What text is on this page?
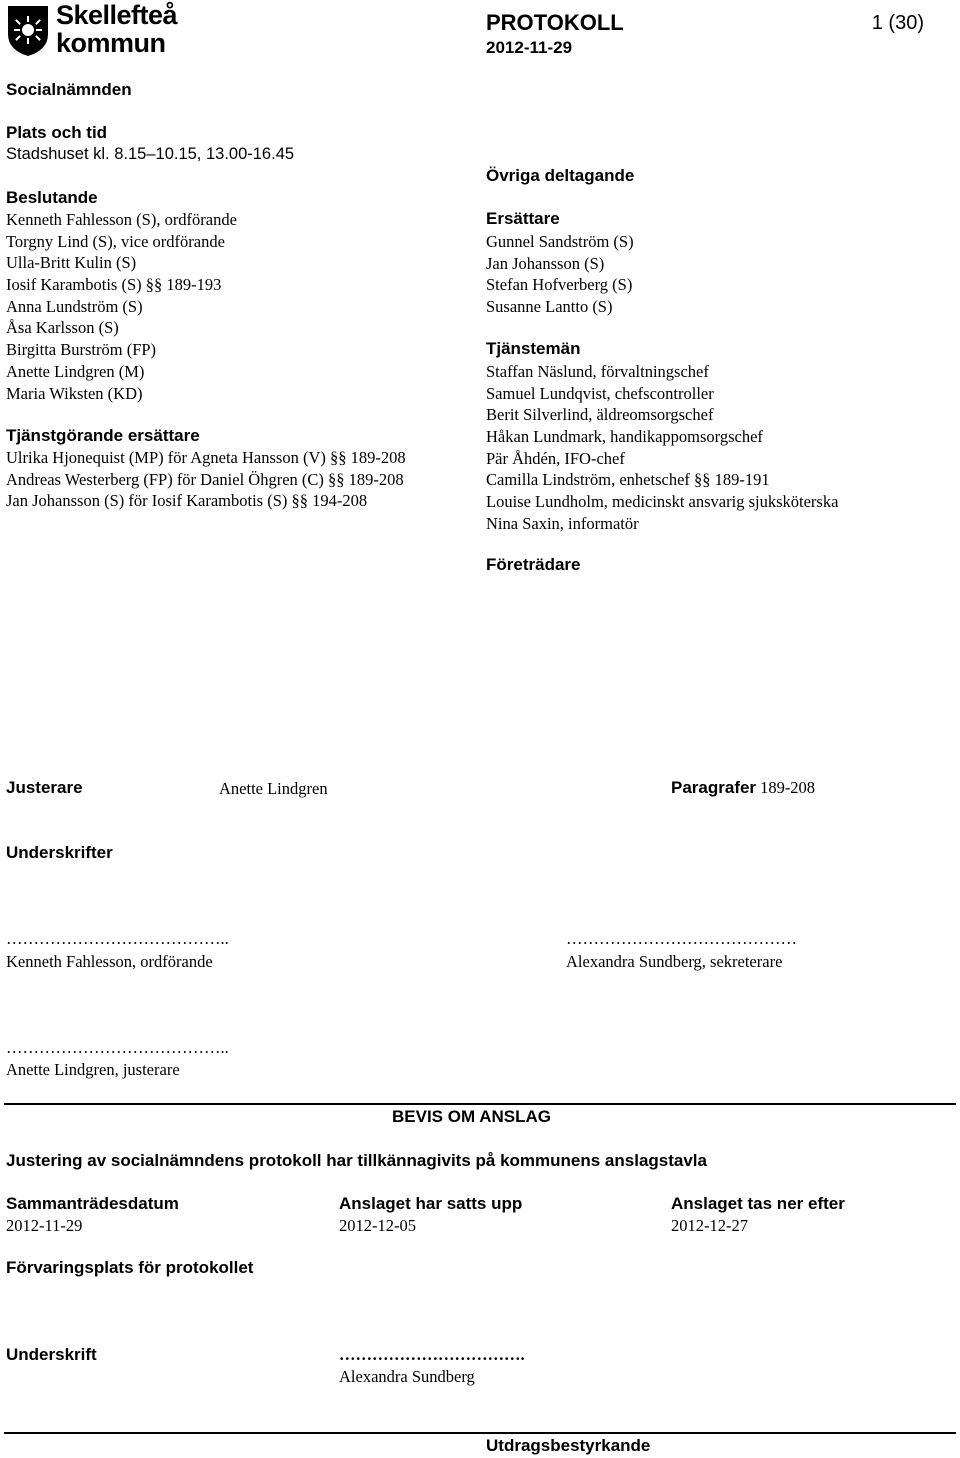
Skellefteå
kommun
PROTOKOLL
2012-11-29
1 (30)
Socialnämnden
Plats och tid
Stadshuset kl. 8.15–10.15, 13.00-16.45
Beslutande
Kenneth Fahlesson (S), ordförande
Torgny Lind (S), vice ordförande
Ulla-Britt Kulin (S)
Iosif Karambotis (S) §§ 189-193
Anna Lundström (S)
Åsa Karlsson (S)
Birgitta Burström (FP)
Anette Lindgren (M)
Maria Wiksten (KD)
Tjänstgörande ersättare
Ulrika Hjonequist (MP) för Agneta Hansson (V) §§ 189-208
Andreas Westerberg (FP) för Daniel Öhgren (C) §§ 189-208
Jan Johansson (S) för Iosif Karambotis (S) §§ 194-208
Övriga deltagande
Ersättare
Gunnel Sandström (S)
Jan Johansson (S)
Stefan Hofverberg (S)
Susanne Lantto (S)
Tjänstemän
Staffan Näslund, förvaltningschef
Samuel Lundqvist, chefscontroller
Berit Silverlind, äldreomsorgschef
Håkan Lundmark, handikappomsorgschef
Pär Åhdén, IFO-chef
Camilla Lindström, enhetschef §§ 189-191
Louise Lundholm, medicinskt ansvarig sjuksköterska
Nina Saxin, informatör
Företrädare
Justerare	Anette Lindgren	Paragrafer 189-208
Underskrifter
…………………………………..
Kenneth Fahlesson, ordförande
……………………………………
Alexandra Sundberg, sekreterare
…………………………………..
Anette Lindgren, justerare
BEVIS OM ANSLAG
Justering av socialnämndens protokoll har tillkännagivits på kommunens anslagstavla
Sammanträdesdatum
2012-11-29
Anslaget har satts upp
2012-12-05
Anslaget tas ner efter
2012-12-27
Förvaringsplats för protokollet
Underskrift	…………………………….
Alexandra Sundberg
Utdragsbestyrkande
